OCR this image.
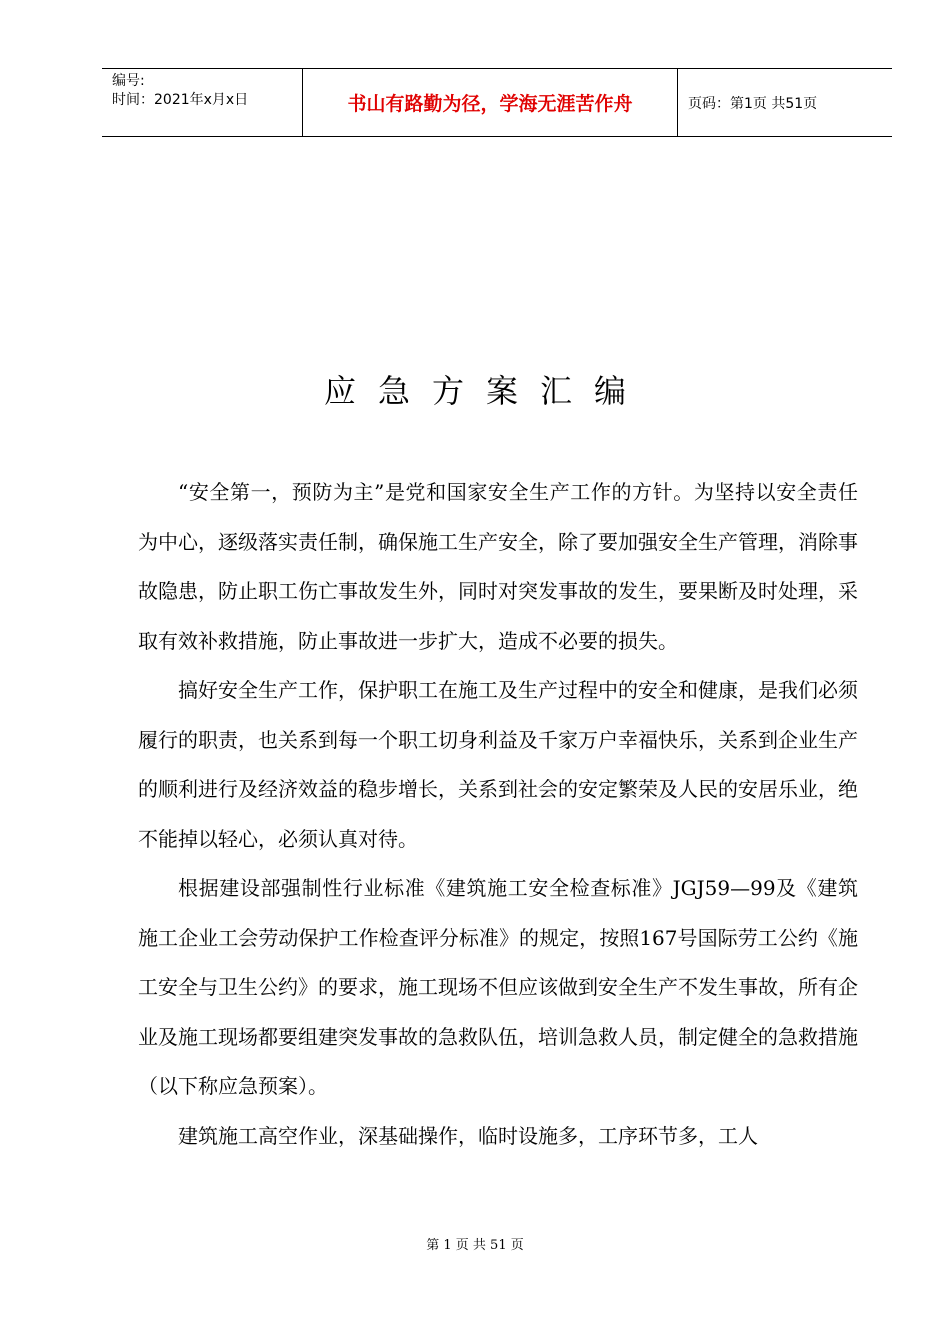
编号:
时间：2021年x月x日	书山有路勤为径，学海无涯苦作舟	页码：第1页 共51页
应急方案汇编

“安全第一，预防为主”是党和国家安全生产工作的方针。为坚持以安全责任为中心，逐级落实责任制，确保施工生产安全，除了要加强安全生产管理，消除事故隐患，防止职工伤亡事故发生外，同时对突发事故的发生，要果断及时处理，采取有效补救措施，防止事故进一步扩大，造成不必要的损失。

搞好安全生产工作，保护职工在施工及生产过程中的安全和健康，是我们必须履行的职责，也关系到每一个职工切身利益及千家万户幸福快乐，关系到企业生产的顺利进行及经济效益的稳步增长，关系到社会的安定繁荣及人民的安居乐业，绝不能掉以轻心，必须认真对待。

根据建设部强制性行业标准《建筑施工安全检查标准》JGJ59—99及《建筑施工企业工会劳动保护工作检查评分标准》的规定，按照167号国际劳工公约《施工安全与卫生公约》的要求，施工现场不但应该做到安全生产不发生事故，所有企业及施工现场都要组建突发事故的急救队伍，培训急救人员，制定健全的急救措施（以下称应急预案）。

建筑施工高空作业，深基础操作，临时设施多，工序环节多，工人

第 1 页 共 51 页
